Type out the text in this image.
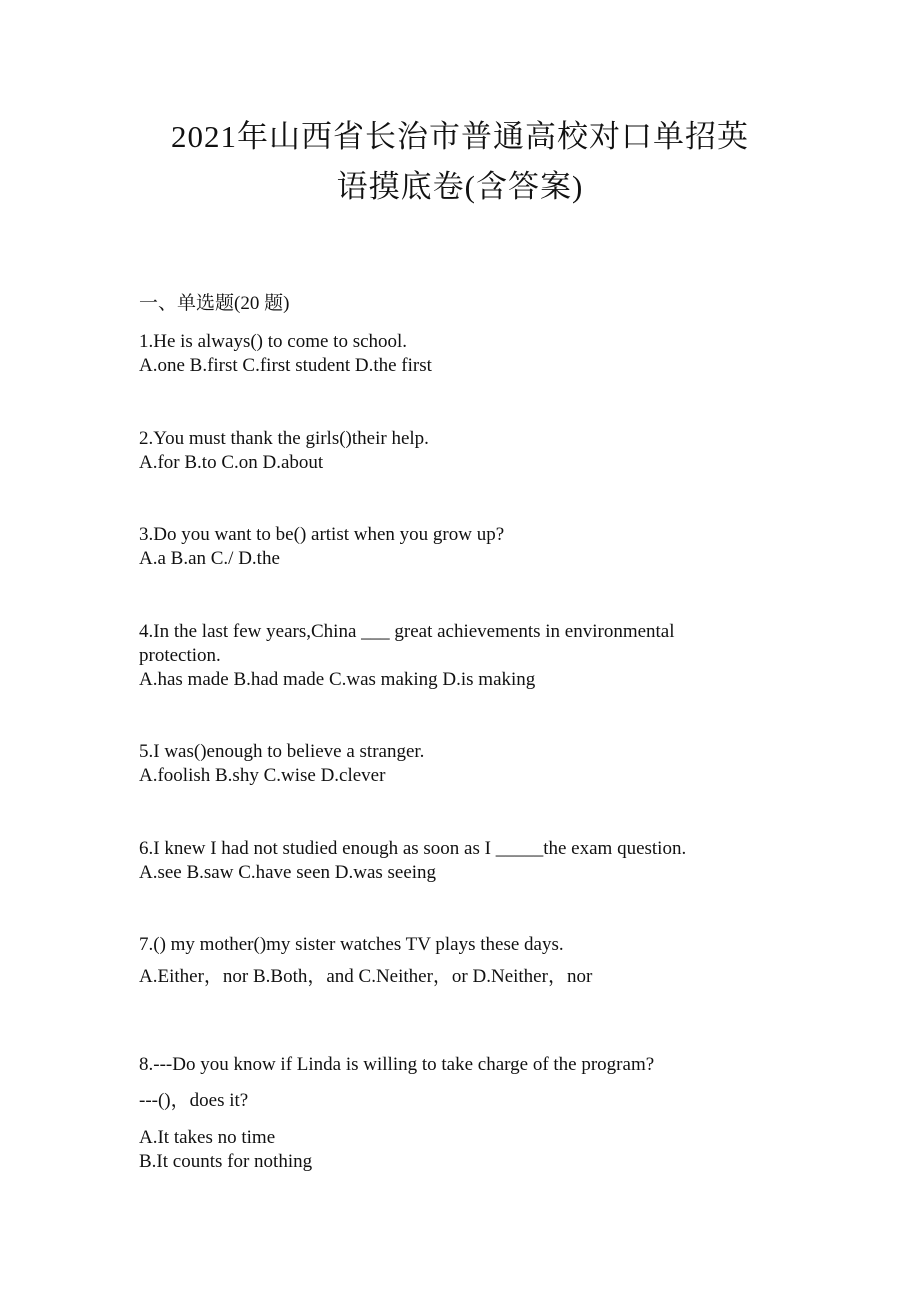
2021年山西省长治市普通高校对口单招英
语摸底卷(含答案)
一、单选题(20 题)
1.He is always() to come to school.
A.one B.first C.first student D.the first
2.You must thank the girls()their help.
A.for B.to C.on D.about
3.Do you want to be() artist when you grow up?
A.a B.an C./ D.the
4.In the last few years,China ___ great achievements in environmental
protection.
A.has made B.had made C.was making D.is making
5.I was()enough to believe a stranger.
A.foolish B.shy C.wise D.clever
6.I knew I had not studied enough as soon as I _____the exam question.
A.see B.saw C.have seen D.was seeing
7.() my mother()my sister watches TV plays these days.
A.Either，nor B.Both，and C.Neither，or D.Neither，nor
8.---Do you know if Linda is willing to take charge of the program?
---()，does it?
A.It takes no time
B.It counts for nothing
